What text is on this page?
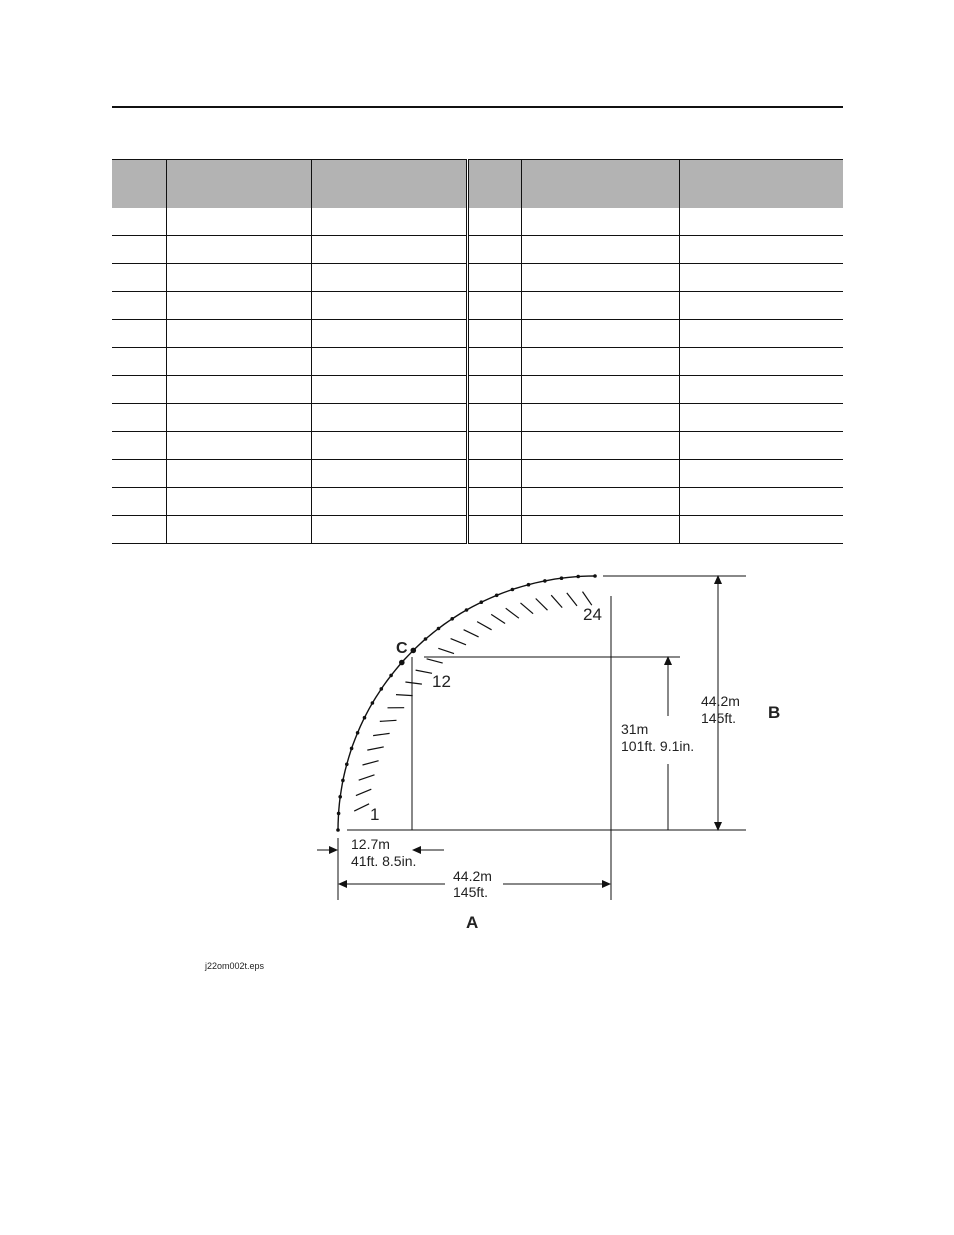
1
12
24
C
44.2m
145ft.
31m
101ft. 9.1in.
B
12.7m
41ft. 8.5in.
44.2m
145ft.
A
j22om002t.eps
